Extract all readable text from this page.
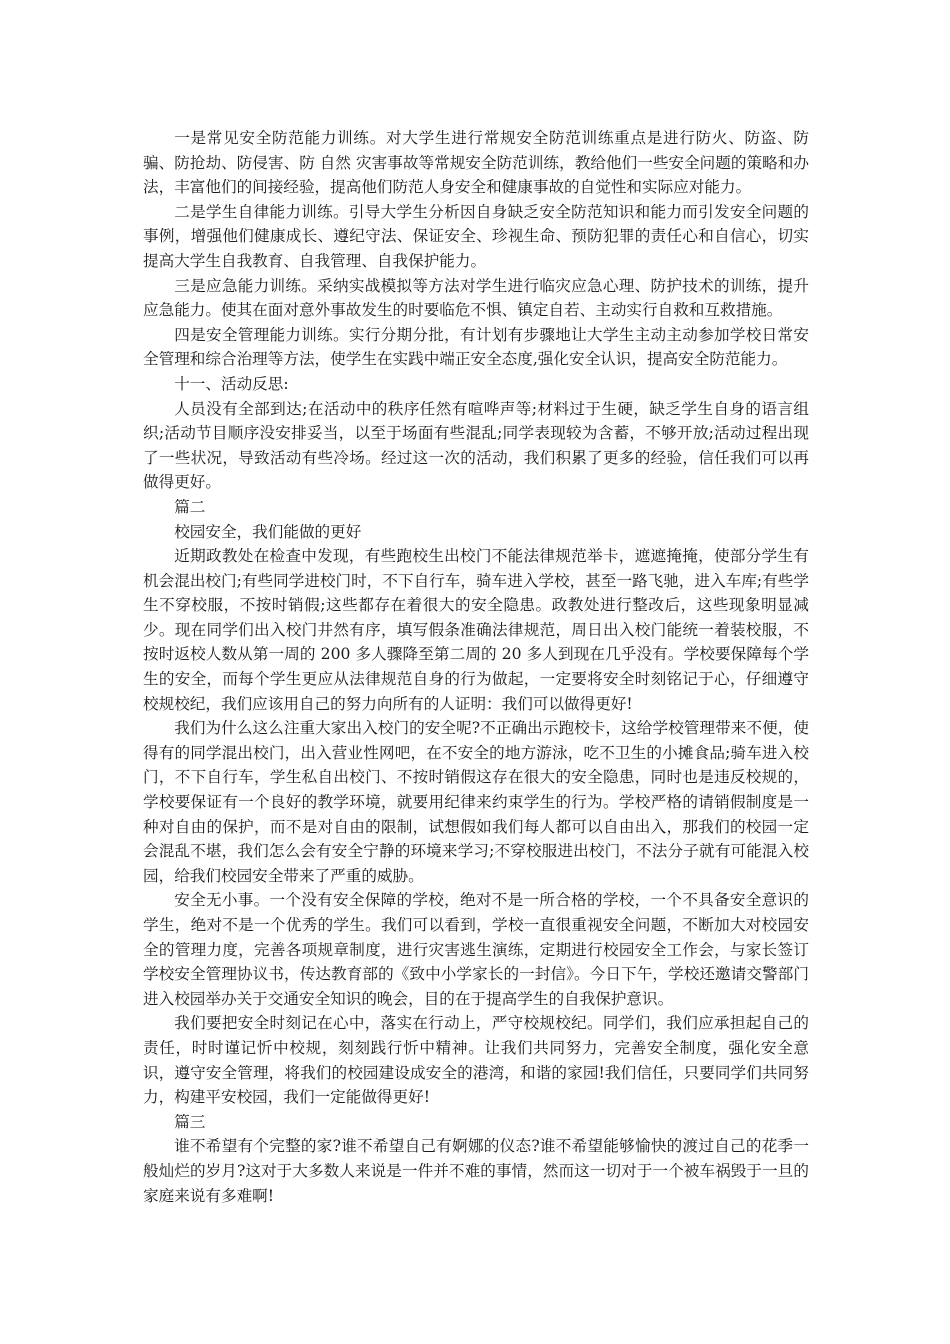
一是常见安全防范能力训练。对大学生进行常规安全防范训练重点是进行防火、防盗、防骗、防抢劫、防侵害、防 自然 灾害事故等常规安全防范训练，教给他们一些安全问题的策略和办法，丰富他们的间接经验，提高他们防范人身安全和健康事故的自觉性和实际应对能力。

二是学生自律能力训练。引导大学生分析因自身缺乏安全防范知识和能力而引发安全问题的事例，增强他们健康成长、遵纪守法、保证安全、珍视生命、预防犯罪的责任心和自信心，切实提高大学生自我教育、自我管理、自我保护能力。

三是应急能力训练。采纳实战模拟等方法对学生进行临灾应急心理、防护技术的训练，提升应急能力。使其在面对意外事故发生的时要临危不惧、镇定自若、主动实行自救和互救措施。

四是安全管理能力训练。实行分期分批，有计划有步骤地让大学生主动主动参加学校日常安全管理和综合治理等方法，使学生在实践中端正安全态度,强化安全认识，提高安全防范能力。

十一、活动反思:

人员没有全部到达;在活动中的秩序任然有喧哗声等;材料过于生硬，缺乏学生自身的语言组织;活动节目顺序没安排妥当，以至于场面有些混乱;同学表现较为含蓄，不够开放;活动过程出现了一些状况，导致活动有些冷场。经过这一次的活动，我们积累了更多的经验，信任我们可以再做得更好。

篇二

校园安全，我们能做的更好

近期政教处在检查中发现，有些跑校生出校门不能法律规范举卡，遮遮掩掩，使部分学生有机会混出校门;有些同学进校门时，不下自行车，骑车进入学校，甚至一路飞驰，进入车库;有些学生不穿校服，不按时销假;这些都存在着很大的安全隐患。政教处进行整改后，这些现象明显减少。现在同学们出入校门井然有序，填写假条准确法律规范，周日出入校门能统一着装校服，不按时返校人数从第一周的 200 多人骤降至第二周的 20 多人到现在几乎没有。学校要保障每个学生的安全，而每个学生更应从法律规范自身的行为做起，一定要将安全时刻铭记于心，仔细遵守校规校纪，我们应该用自己的努力向所有的人证明：我们可以做得更好!

我们为什么这么注重大家出入校门的安全呢?不正确出示跑校卡，这给学校管理带来不便，使得有的同学混出校门，出入营业性网吧，在不安全的地方游泳，吃不卫生的小摊食品;骑车进入校门，不下自行车，学生私自出校门、不按时销假这存在很大的安全隐患，同时也是违反校规的，学校要保证有一个良好的教学环境，就要用纪律来约束学生的行为。学校严格的请销假制度是一种对自由的保护，而不是对自由的限制，试想假如我们每人都可以自由出入，那我们的校园一定会混乱不堪，我们怎么会有安全宁静的环境来学习;不穿校服进出校门，不法分子就有可能混入校园，给我们校园安全带来了严重的威胁。

安全无小事。一个没有安全保障的学校，绝对不是一所合格的学校，一个不具备安全意识的学生，绝对不是一个优秀的学生。我们可以看到，学校一直很重视安全问题，不断加大对校园安全的管理力度，完善各项规章制度，进行灾害逃生演练，定期进行校园安全工作会，与家长签订学校安全管理协议书，传达教育部的《致中小学家长的一封信》。今日下午，学校还邀请交警部门进入校园举办关于交通安全知识的晚会，目的在于提高学生的自我保护意识。

我们要把安全时刻记在心中，落实在行动上，严守校规校纪。同学们，我们应承担起自己的责任，时时谨记忻中校规，刻刻践行忻中精神。让我们共同努力，完善安全制度，强化安全意识，遵守安全管理，将我们的校园建设成安全的港湾，和谐的家园!我们信任，只要同学们共同努力，构建平安校园，我们一定能做得更好!

篇三

谁不希望有个完整的家?谁不希望自己有婀娜的仪态?谁不希望能够愉快的渡过自己的花季一般灿烂的岁月?这对于大多数人来说是一件并不难的事情，然而这一切对于一个被车祸毁于一旦的家庭来说有多难啊!
